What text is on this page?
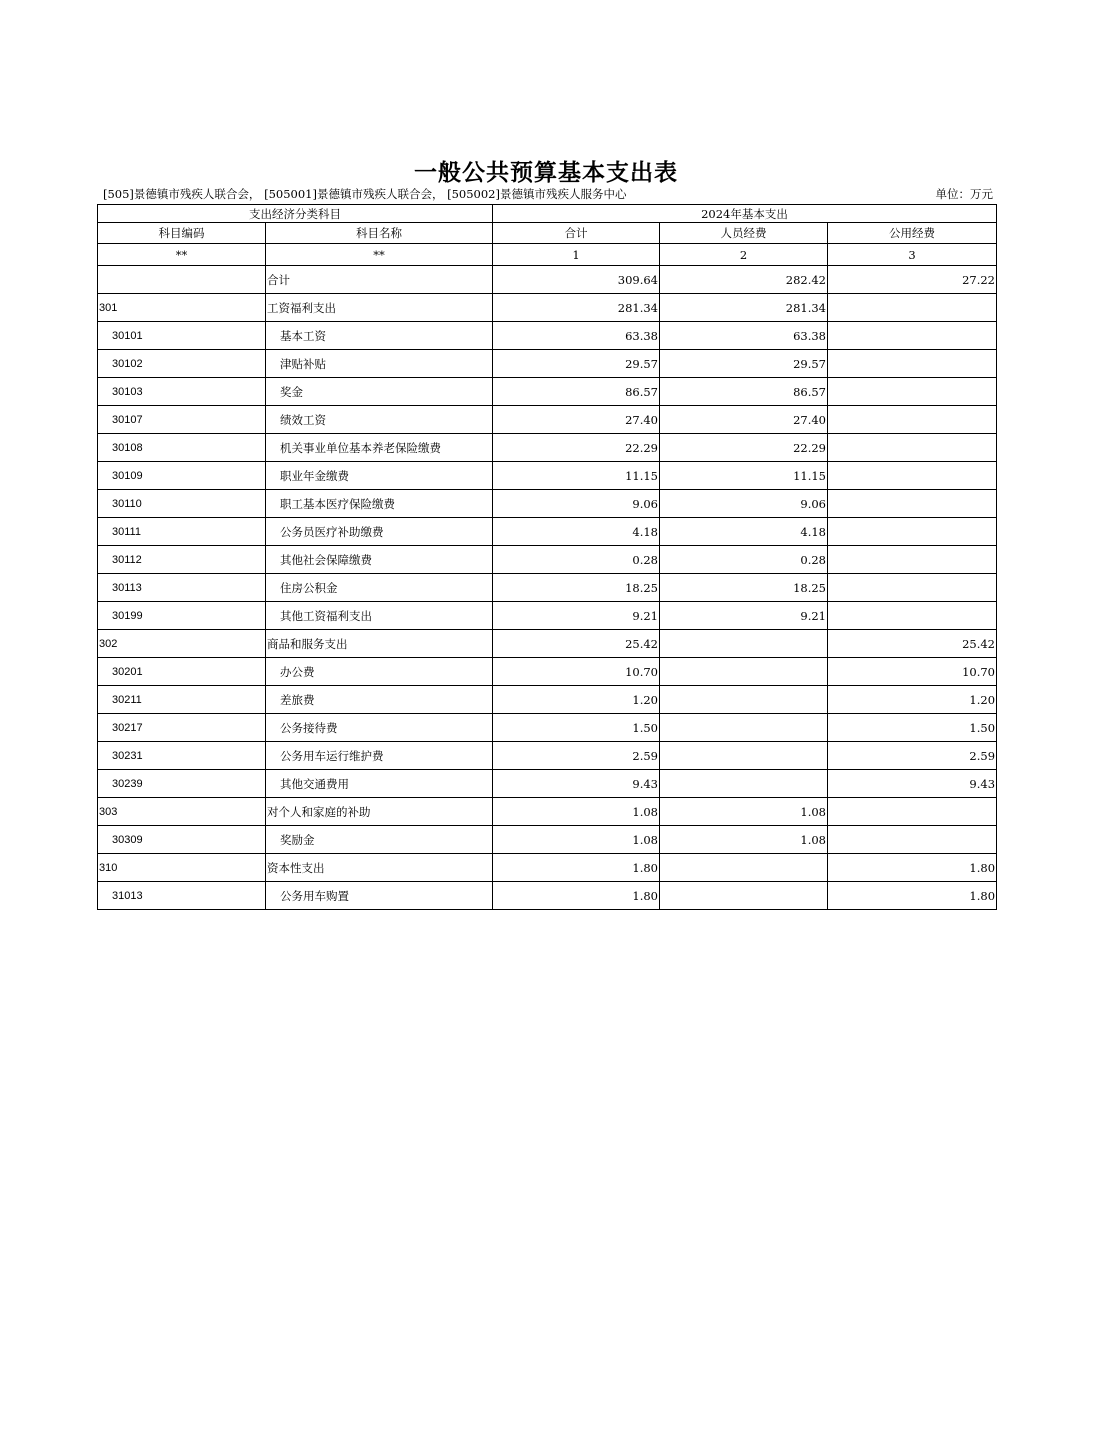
一般公共预算基本支出表
[505]景德镇市残疾人联合会， [505001]景德镇市残疾人联合会， [505002]景德镇市残疾人服务中心	单位：万元
支出经济分类科目		2024年基本支出		
科目编码	科目名称	合计	人员经费	公用经费
**	**	1	2	3
	合计	309.64	282.42	27.22
301	工资福利支出	281.34	281.34	
30101	基本工资	63.38	63.38	
30102	津贴补贴	29.57	29.57	
30103	奖金	86.57	86.57	
30107	绩效工资	27.40	27.40	
30108	机关事业单位基本养老保险缴费	22.29	22.29	
30109	职业年金缴费	11.15	11.15	
30110	职工基本医疗保险缴费	9.06	9.06	
30111	公务员医疗补助缴费	4.18	4.18	
30112	其他社会保障缴费	0.28	0.28	
30113	住房公积金	18.25	18.25	
30199	其他工资福利支出	9.21	9.21	
302	商品和服务支出	25.42		25.42
30201	办公费	10.70		10.70
30211	差旅费	1.20		1.20
30217	公务接待费	1.50		1.50
30231	公务用车运行维护费	2.59		2.59
30239	其他交通费用	9.43		9.43
303	对个人和家庭的补助	1.08	1.08	
30309	奖励金	1.08	1.08	
310	资本性支出	1.80		1.80
31013	公务用车购置	1.80		1.80
